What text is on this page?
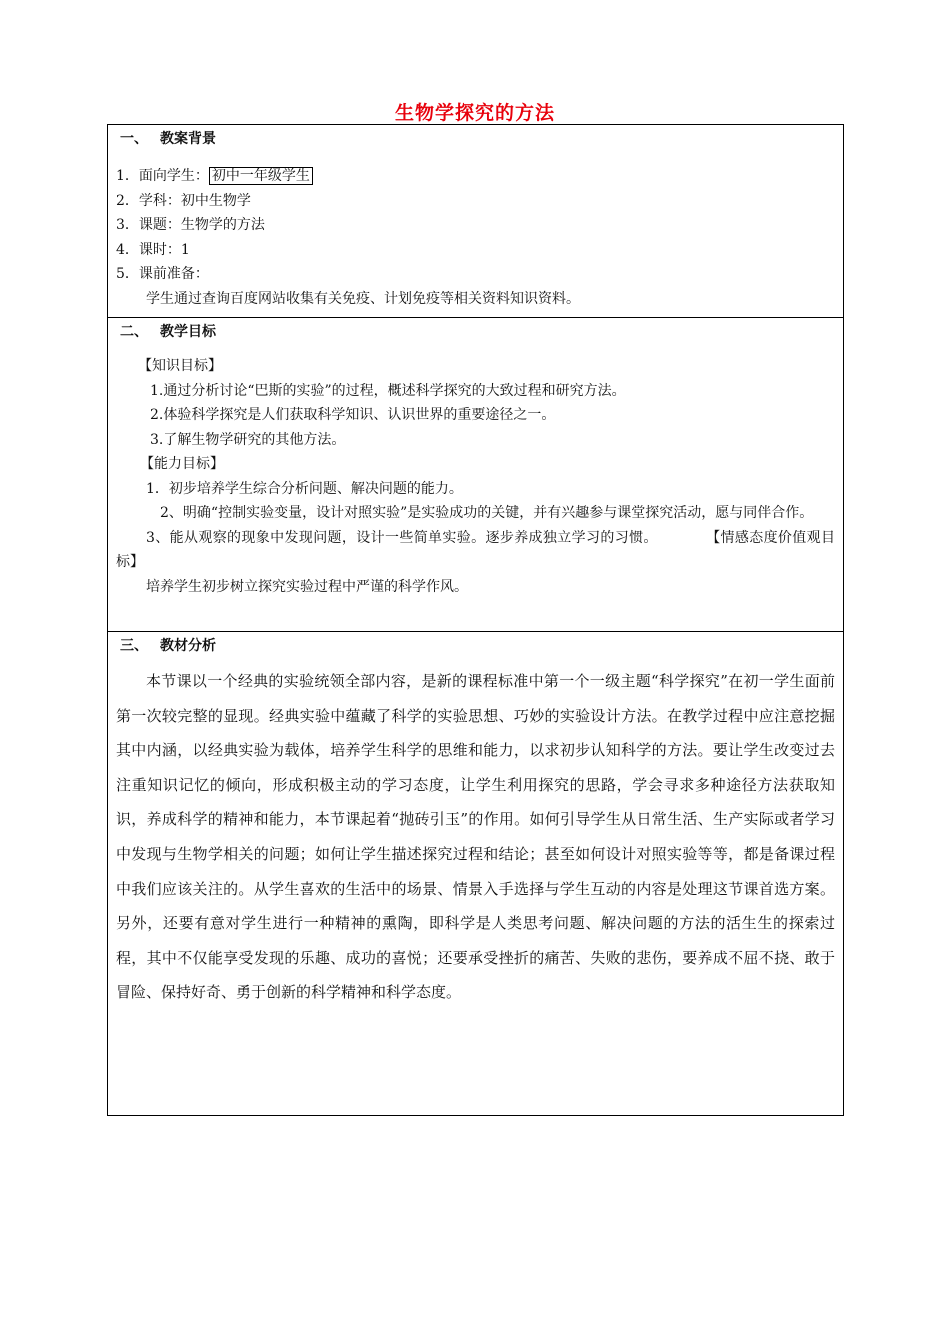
生物学探究的方法
一、 教案背景
1．面向学生： 初中一年级学生
2．学科：初中生物学
3．课题：生物学的方法
4．课时：1
5．课前准备：
学生通过查询百度网站收集有关免疫、计划免疫等相关资料知识资料。
二、 教学目标
【知识目标】
1.通过分析讨论“巴斯的实验”的过程，概述科学探究的大致过程和研究方法。
2.体验科学探究是人们获取科学知识、认识世界的重要途径之一。
3.了解生物学研究的其他方法。
【能力目标】
1．初步培养学生综合分析问题、解决问题的能力。

2、明确“控制实验变量，设计对照实验”是实验成功的关键，并有兴趣参与课堂探究活动，愿与同伴合作。

3、能从观察的现象中发现问题，设计一些简单实验。逐步养成独立学习的习惯。	【情感态度价值观目标】

培养学生初步树立探究实验过程中严谨的科学作风。
三、 教材分析

本节课以一个经典的实验统领全部内容，是新的课程标准中第一个一级主题“科学探究”在初一学生面前第一次较完整的显现。经典实验中蕴藏了科学的实验思想、巧妙的实验设计方法。在教学过程中应注意挖掘其中内涵，以经典实验为载体，培养学生科学的思维和能力，以求初步认知科学的方法。要让学生改变过去注重知识记忆的倾向，形成积极主动的学习态度，让学生利用探究的思路，学会寻求多种途径方法获取知识，养成科学的精神和能力，本节课起着“抛砖引玉”的作用。如何引导学生从日常生活、生产实际或者学习中发现与生物学相关的问题；如何让学生描述探究过程和结论；甚至如何设计对照实验等等，都是备课过程中我们应该关注的。从学生喜欢的生活中的场景、情景入手选择与学生互动的内容是处理这节课首选方案。另外，还要有意对学生进行一种精神的熏陶，即科学是人类思考问题、解决问题的方法的活生生的探索过程，其中不仅能享受发现的乐趣、成功的喜悦；还要承受挫折的痛苦、失败的悲伤，要养成不屈不挠、敢于冒险、保持好奇、勇于创新的科学精神和科学态度。
